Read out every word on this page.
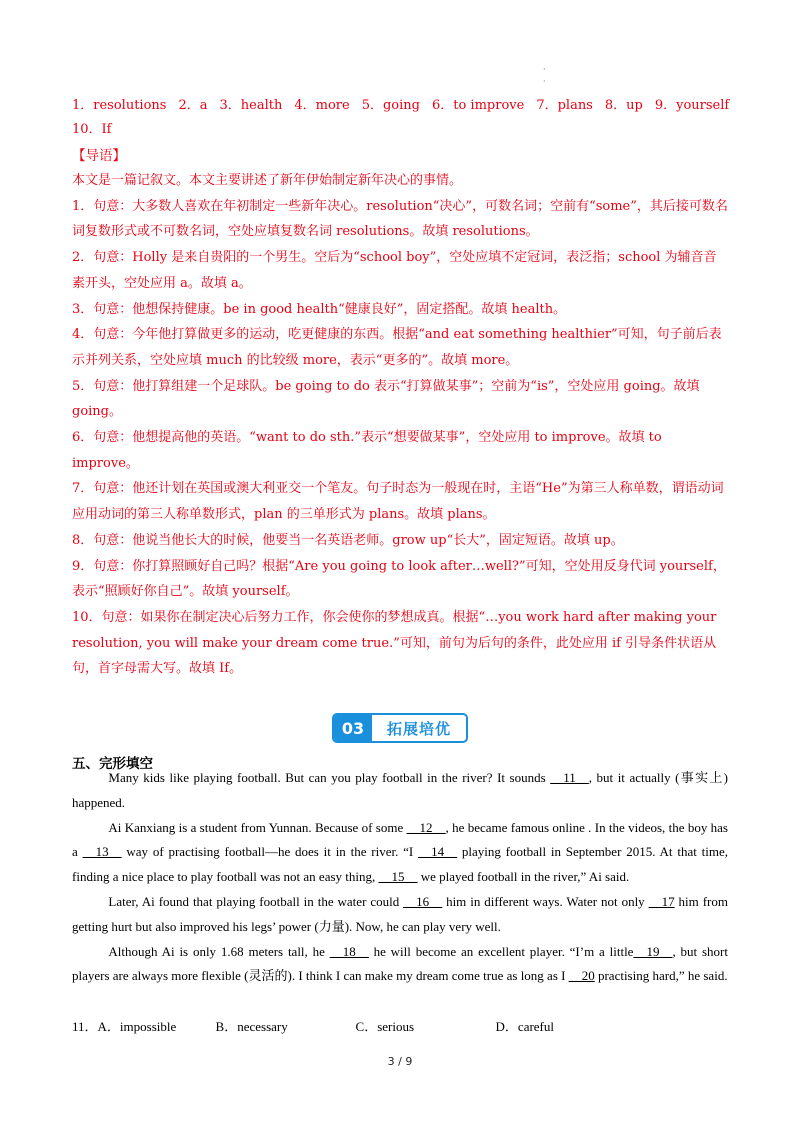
·
·
1．resolutions 2．a 3．health 4．more 5．going 6．to improve 7．plans 8．up 9．yourself
10．If
【导语】

本文是一篇记叙文。本文主要讲述了新年伊始制定新年决心的事情。

1．句意：大多数人喜欢在年初制定一些新年决心。resolution“决心”，可数名词；空前有“some”，其后接可数名词复数形式或不可数名词，空处应填复数名词 resolutions。故填 resolutions。

2．句意：Holly 是来自贵阳的一个男生。空后为“school boy”，空处应填不定冠词，表泛指；school 为辅音音素开头，空处应用 a。故填 a。

3．句意：他想保持健康。be in good health“健康良好”，固定搭配。故填 health。

4．句意：今年他打算做更多的运动，吃更健康的东西。根据“and eat something healthier”可知，句子前后表示并列关系，空处应填 much 的比较级 more，表示“更多的”。故填 more。

5．句意：他打算组建一个足球队。be going to do 表示“打算做某事”；空前为“is”，空处应用 going。故填 going。

6．句意：他想提高他的英语。“want to do sth.”表示“想要做某事”，空处应用 to improve。故填 to improve。

7．句意：他还计划在英国或澳大利亚交一个笔友。句子时态为一般现在时，主语“He”为第三人称单数，谓语动词应用动词的第三人称单数形式，plan 的三单形式为 plans。故填 plans。

8．句意：他说当他长大的时候，他要当一名英语老师。grow up“长大”，固定短语。故填 up。

9．句意：你打算照顾好自己吗？根据“Are you going to look after…well?”可知，空处用反身代词 yourself，表示“照顾好你自己”。故填 yourself。

10．句意：如果你在制定决心后努力工作，你会使你的梦想成真。根据“…you work hard after making your resolution, you will make your dream come true.”可知，前句为后句的条件，此处应用 if 引导条件状语从句，首字母需大写。故填 If。

03	拓展培优
五、完形填空

Many kids like playing football. But can you play football in the river? It sounds __11__, but it actually (事实上) happened.

Ai Kanxiang is a student from Yunnan. Because of some __12__, he became famous online . In the videos, the boy has a __13__ way of practising football—he does it in the river. “I __14__ playing football in September 2015. At that time, finding a nice place to play football was not an easy thing, __15__ we played football in the river,” Ai said.

Later, Ai found that playing football in the water could __16__ him in different ways. Water not only __17 him from getting hurt but also improved his legs’ power (力量). Now, he can play very well.

Although Ai is only 1.68 meters tall, he __18__ he will become an excellent player. “I’m a little__19__, but short players are always more flexible (灵活的). I think I can make my dream come true as long as I __20 practising hard,” he said.

11．A．impossible	B．necessary	C．serious	D．careful
3 / 9
